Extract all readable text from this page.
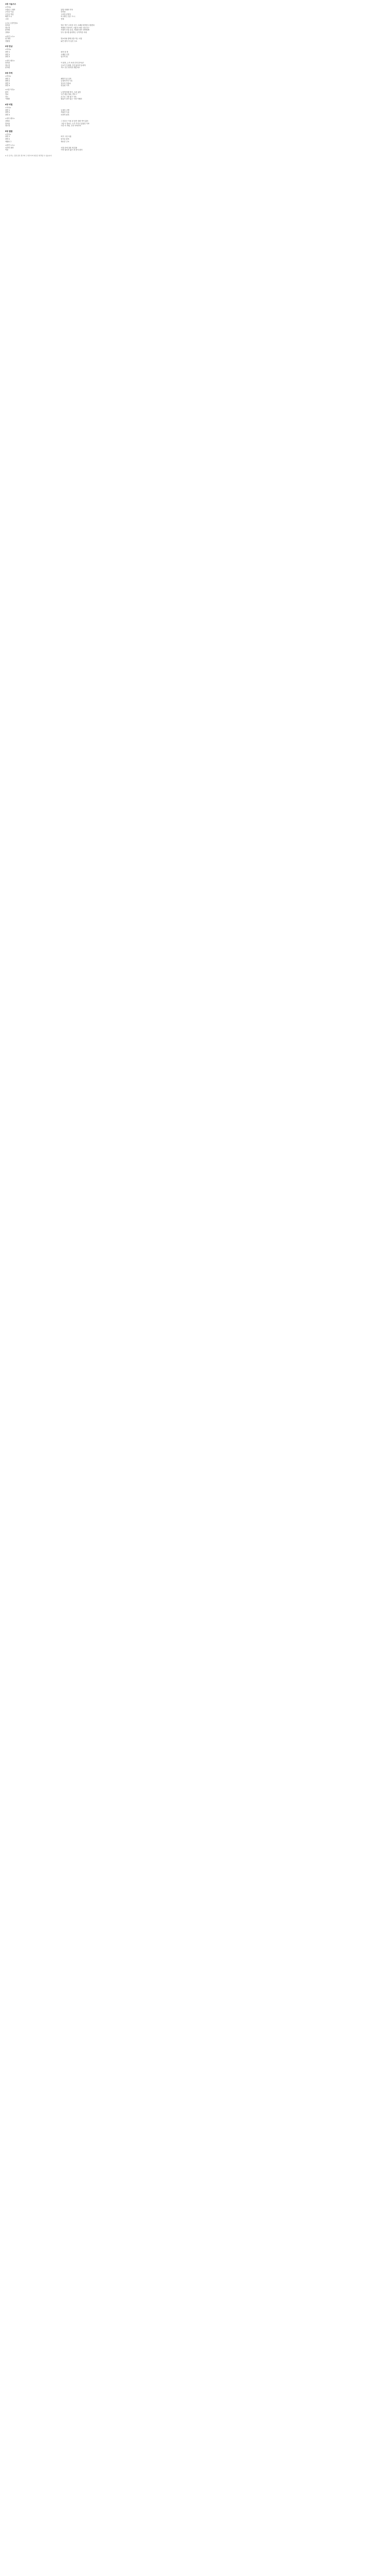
1장 시놉시스
<목차>
프롤로그 제목	불빛 아래의 약속
주인공 이름	한서윤
주인공 직업	고서점 운영자
배경 도시	비 내리는 항구 도시
시대	현대
<주요 등장인물>
한서윤	말수 적은 고서점 주인, 오래된 편지를 수집한다
정도현	귀향한 사진작가, 서윤의 어린 시절 친구
윤하린	서점의 단골 손님, 비밀을 품은 대학원생
강태오	부두 창고를 관리하는 무뚝뚝한 사내
<장면 노트>
첫 장면	빗소리와 함께 문을 여는 서점
전환점	낡은 편지 속 낯선 주소
2장 만남
<목차>
장면 1	편지 한 통
장면 2	오래된 사진
장면 3	항구의 밤
<대사 메모>
한서윤	이 편지, 누가 보낸 건지 알아요?
정도현	주소가 이상해. 이미 없어진 동네야
윤하린	저도 같은 편지를 받았어요
3장 추적
<목차>
장면 1	폐허가 된 골목
장면 2	등대지기의 기록
장면 3	창고의 자물쇠
장면 4	엇갈린 기억
<소품 목록>
편지	누렇게 바랜 봉투, 우표 없음
열쇠	녹슨 황동 열쇠, 번호 7
지도	손으로 그린 항구 지도
카메라	필름이 남아 있는 구형 카메라
4장 비밀
<목차>
장면 1	등대의 고백
장면 2	지워진 이름
장면 3	마지막 편지
<대사 메모>
강태오	그 창고는 이십 년 동안 열린 적이 없어
한서윤	그럼 이 열쇠는 누가 가지고 있었던 거죠
정도현	사진 속 사람, 우리 아버지야
5장 결말
<목차>
장면 1	비가 그친 아침
장면 2	돌아온 편지
에필로그	새로운 주소
<장면 노트>
마지막 장면	서점 문에 걸린 새 간판
여운	아직 열리지 않은 한 통의 편지
※ 본 문서는 집필 중인 원고의 구성안이며 내용은 변경될 수 있습니다.
